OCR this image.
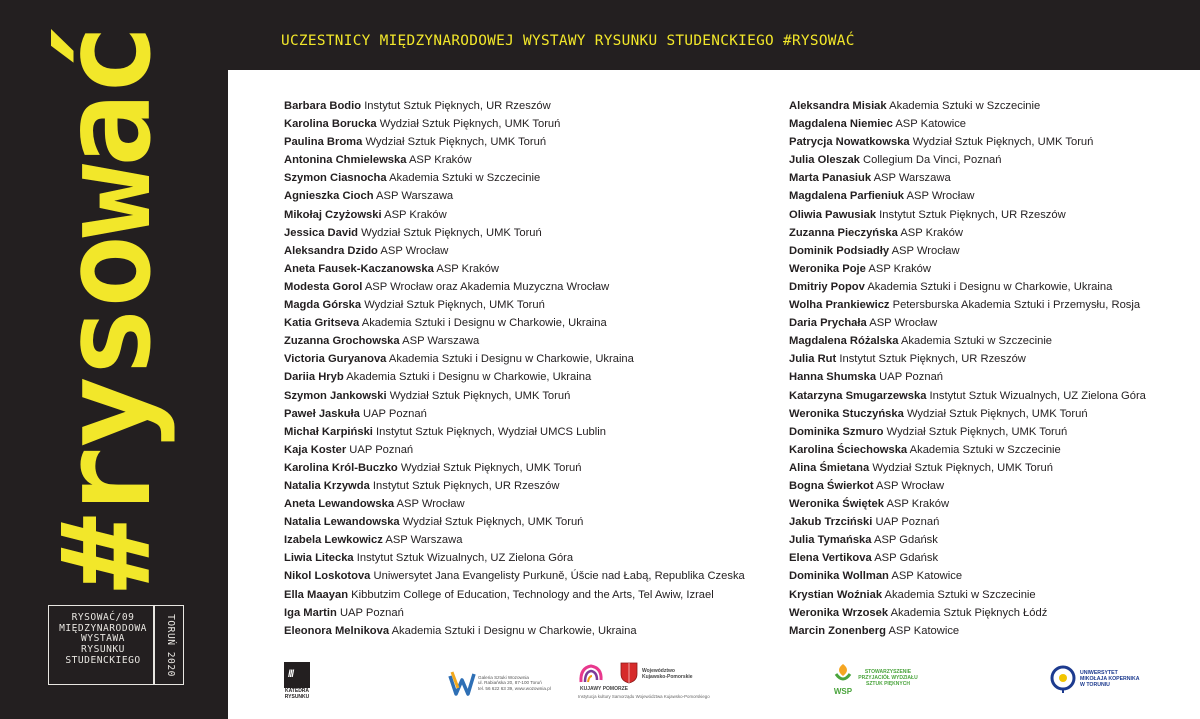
#rysować
RYSOWAĆ/09
MIĘDZYNARODOWA
WYSTAWA
RYSUNKU
STUDENCKIEGO	TORUŃ 2020
UCZESTNICY MIĘDZYNARODOWEJ WYSTAWY RYSUNKU STUDENCKIEGO #RYSOWAĆ
Barbara Bodio Instytut Sztuk Pięknych, UR Rzeszów
Karolina Borucka Wydział Sztuk Pięknych, UMK Toruń
Paulina Broma Wydział Sztuk Pięknych, UMK Toruń
Antonina Chmielewska ASP Kraków
Szymon Ciasnocha Akademia Sztuki w Szczecinie
Agnieszka Cioch ASP Warszawa
Mikołaj Czyżowski ASP Kraków
Jessica David Wydział Sztuk Pięknych, UMK Toruń
Aleksandra Dzido ASP Wrocław
Aneta Fausek-Kaczanowska ASP Kraków
Modesta Gorol ASP Wrocław oraz Akademia Muzyczna Wrocław
Magda Górska Wydział Sztuk Pięknych, UMK Toruń
Katia Gritseva Akademia Sztuki i Designu w Charkowie, Ukraina
Zuzanna Grochowska ASP Warszawa
Victoria Guryanova Akademia Sztuki i Designu w Charkowie, Ukraina
Dariia Hryb Akademia Sztuki i Designu w Charkowie, Ukraina
Szymon Jankowski Wydział Sztuk Pięknych, UMK Toruń
Paweł Jaskuła UAP Poznań
Michał Karpiński Instytut Sztuk Pięknych, Wydział UMCS Lublin
Kaja Koster UAP Poznań
Karolina Król-Buczko Wydział Sztuk Pięknych, UMK Toruń
Natalia Krzywda Instytut Sztuk Pięknych, UR Rzeszów
Aneta Lewandowska ASP Wrocław
Natalia Lewandowska Wydział Sztuk Pięknych, UMK Toruń
Izabela Lewkowicz ASP Warszawa
Liwia Litecka Instytut Sztuk Wizualnych, UZ Zielona Góra
Nikol Loskotova Uniwersytet Jana Evangelisty Purkuně, Úšcie nad Łabą, Republika Czeska
Ella Maayan Kibbutzim College of Education, Technology and the Arts, Tel Awiw, Izrael
Iga Martin UAP Poznań
Eleonora Melnikova Akademia Sztuki i Designu w Charkowie, Ukraina
Aleksandra Misiak Akademia Sztuki w Szczecinie
Magdalena Niemiec ASP Katowice
Patrycja Nowatkowska Wydział Sztuk Pięknych, UMK Toruń
Julia Oleszak Collegium Da Vinci, Poznań
Marta Panasiuk ASP Warszawa
Magdalena Parfieniuk ASP Wrocław
Oliwia Pawusiak Instytut Sztuk Pięknych, UR Rzeszów
Zuzanna Pieczyńska ASP Kraków
Dominik Podsiadły ASP Wrocław
Weronika Poje ASP Kraków
Dmitriy Popov Akademia Sztuki i Designu w Charkowie, Ukraina
Wolha Prankiewicz Petersburska Akademia Sztuki i Przemysłu, Rosja
Daria Prychała ASP Wrocław
Magdalena Różalska Akademia Sztuki w Szczecinie
Julia Rut Instytut Sztuk Pięknych, UR Rzeszów
Hanna Shumska UAP Poznań
Katarzyna Smugarzewska Instytut Sztuk Wizualnych, UZ Zielona Góra
Weronika Stuczyńska Wydział Sztuk Pięknych, UMK Toruń
Dominika Szmuro Wydział Sztuk Pięknych, UMK Toruń
Karolina Ściechowska Akademia Sztuki w Szczecinie
Alina Śmietana Wydział Sztuk Pięknych, UMK Toruń
Bogna Świerkot ASP Wrocław
Weronika Świętek ASP Kraków
Jakub Trzciński UAP Poznań
Julia Tymańska ASP Gdańsk
Elena Vertikova ASP Gdańsk
Dominika Wollman ASP Katowice
Krystian Woźniak Akademia Sztuki w Szczecinie
Weronika Wrzosek Akademia Sztuk Pięknych Łódź
Marcin Zonenberg ASP Katowice
///
KATEDRA
RYSUNKU
Galeria Sztuki Wozownia
ul. Rabiańska 20, 87-100 Toruń
tel. 56 622 63 39, www.wozownia.pl	KUJAWY POMORZE
Województwo
Kujawsko-Pomorskie
Instytucja kultury Samorządu Województwa Kujawsko-Pomorskiego
WSP
STOWARZYSZENIE
PRZYJACIÓŁ WYDZIAŁU
SZTUK PIĘKNYCH
UNIWERSYTET
MIKOŁAJA KOPERNIKA
W TORUNIU
